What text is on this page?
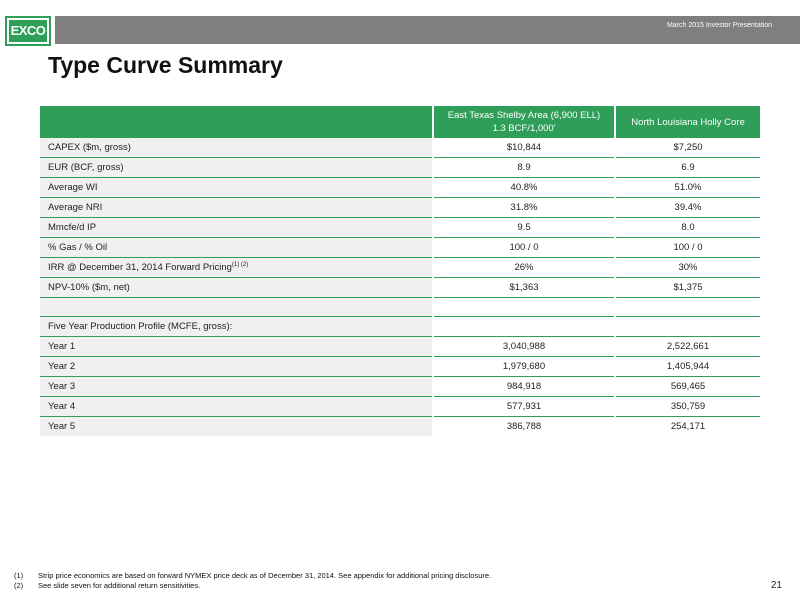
EXCO	March 2015 Investor Presentation
Type Curve Summary
	East Texas Shelby Area (6,900 ELL) 1.3 BCF/1,000'	North Louisiana Holly Core
CAPEX ($m, gross)	$10,844	$7,250
EUR (BCF, gross)	8.9	6.9
Average WI	40.8%	51.0%
Average NRI	31.8%	39.4%
Mmcfe/d IP	9.5	8.0
% Gas / % Oil	100 / 0	100 / 0
IRR @ December 31, 2014 Forward Pricing$^{(1) (2)}$	26%	30%
NPV-10% ($m, net)	$1,363	$1,375

Five Year Production Profile (MCFE, gross):		
Year 1	3,040,988	2,522,661
Year 2	1,979,680	1,405,944
Year 3	984,918	569,465
Year 4	577,931	350,759
Year 5	386,788	254,171
(1)	Strip price economics are based on forward NYMEX price deck as of December 31, 2014. See appendix for additional pricing disclosure.
(2)	See slide seven for additional return sensitivities.	21
